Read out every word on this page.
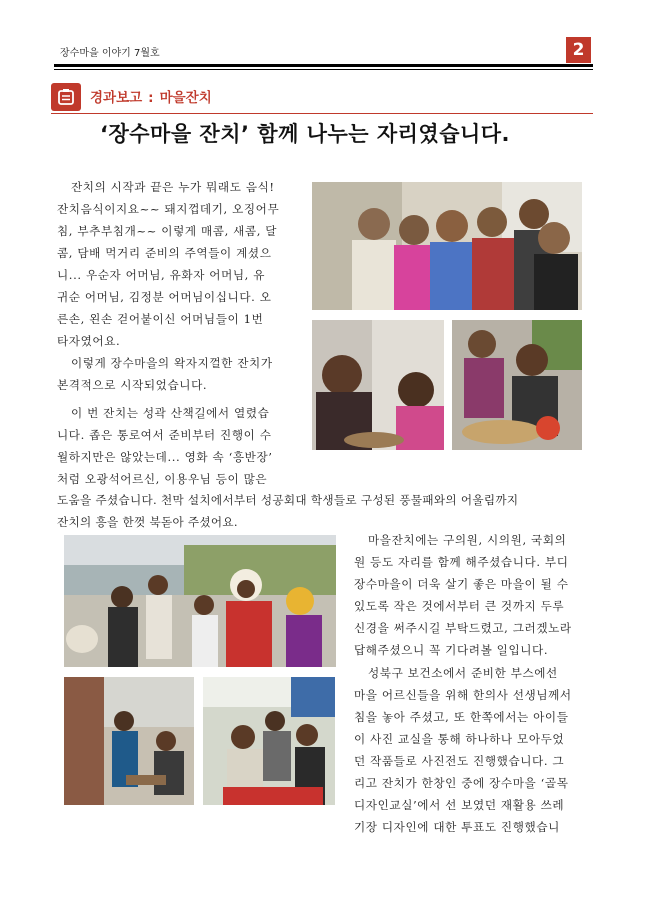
장수마을 이야기 7월호	2
경과보고 : 마을잔치
‘장수마을 잔치’ 함께 나누는 자리였습니다.

잔치의 시작과 끝은 누가 뭐래도 음식!

잔치음식이지요~~ 돼지껍데기, 오징어무

침, 부추부침개~~ 이렇게 매콤, 새콤, 달

콤, 담배 먹거리 준비의 주역들이 계셨으

니... 우순자 어머님, 유화자 어머님, 유

귀순 어머님, 김정분 어머님이십니다. 오

른손, 왼손 걷어붙이신 어머님들이 1번

타자였어요.

이렇게 장수마을의 왁자지껄한 잔치가

본격적으로 시작되었습니다.

이 번 잔치는 성곽 산책길에서 열렸습

니다. 좁은 통로여서 준비부터 진행이 수

월하지만은 않았는데... 영화 속 ‘흥반장’

처럼 오광석어르신, 이용우님 등이 많은

도움을 주셨습니다. 천막 설치에서부터 성공회대 학생들로 구성된 풍물패와의 어울림까지

잔치의 흥을 한껏 북돋아 주셨어요.

마을잔치에는 구의원, 시의원, 국회의

원 등도 자리를 함께 해주셨습니다. 부디

장수마을이 더욱 살기 좋은 마을이 될 수

있도록 작은 것에서부터 큰 것까지 두루

신경을 써주시길 부탁드렸고, 그러겠노라

답해주셨으니 꼭 기다려볼 일입니다.

성북구 보건소에서 준비한 부스에선

마을 어르신들을 위해 한의사 선생님께서

침을 놓아 주셨고, 또 한쪽에서는 아이들

이 사진 교실을 통해 하나하나 모아두었

던 작품들로 사진전도 진행했습니다. 그

리고 잔치가 한창인 중에 장수마을 ‘골목

디자인교실’에서 선 보였던 재활용 쓰레

기장 디자인에 대한 투표도 진행했습니
